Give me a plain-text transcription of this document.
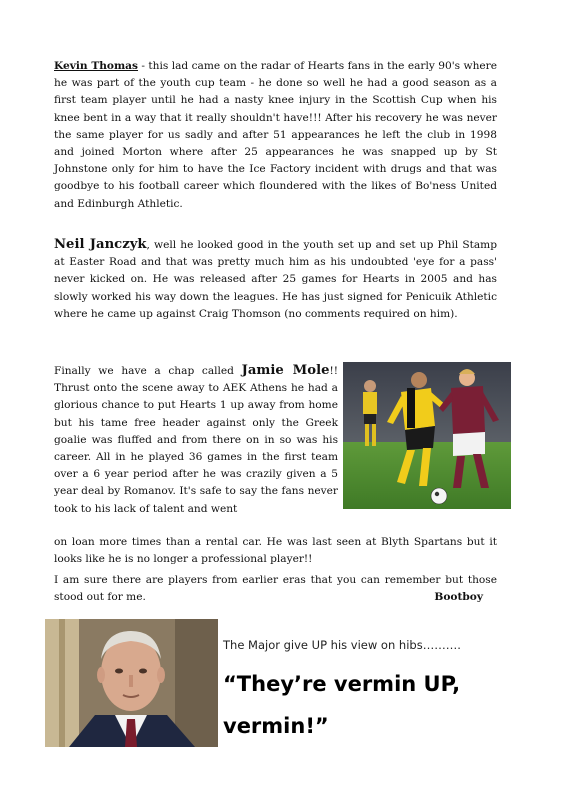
Kevin Thomas - this lad came on the radar of Hearts fans in the early 90's where he was part of the youth cup team - he done so well he had a good season as a first team player until he had a nasty knee injury in the Scottish Cup when his knee bent in a way that it really shouldn't have!!! After his recovery he was never the same player for us sadly and after 51 appearances he left the club in 1998 and joined Morton where after 25 appearances he was snapped up by St Johnstone only for him to have the Ice Factory incident with drugs and that was goodbye to his football career which floundered with the likes of Bo'ness United and Edinburgh Athletic.

Neil Janczyk, well he looked good in the youth set up and set up Phil Stamp at Easter Road and that was pretty much him as his undoubted 'eye for a pass' never kicked on. He was released after 25 games for Hearts in 2005 and has slowly worked his way down the leagues. He has just signed for Penicuik Athletic where he came up against Craig Thomson (no comments required on him).

Finally we have a chap called Jamie Mole!! Thrust onto the scene away to AEK Athens he had a glorious chance to put Hearts 1 up away from home but his tame free header against only the Greek goalie was fluffed and from there on in so was his career. All in he played 36 games in the first team over a 6 year period after he was crazily given a 5 year deal by Romanov. It's safe to say the fans never took to his lack of talent and went

on loan more times than a rental car. He was last seen at Blyth Spartans but it looks like he is no longer a professional player!!

I am sure there are players from earlier eras that you can remember but those stood out for me.	Bootboy

The Major give UP his view on hibs……….
“They’re vermin UP,
vermin!”
